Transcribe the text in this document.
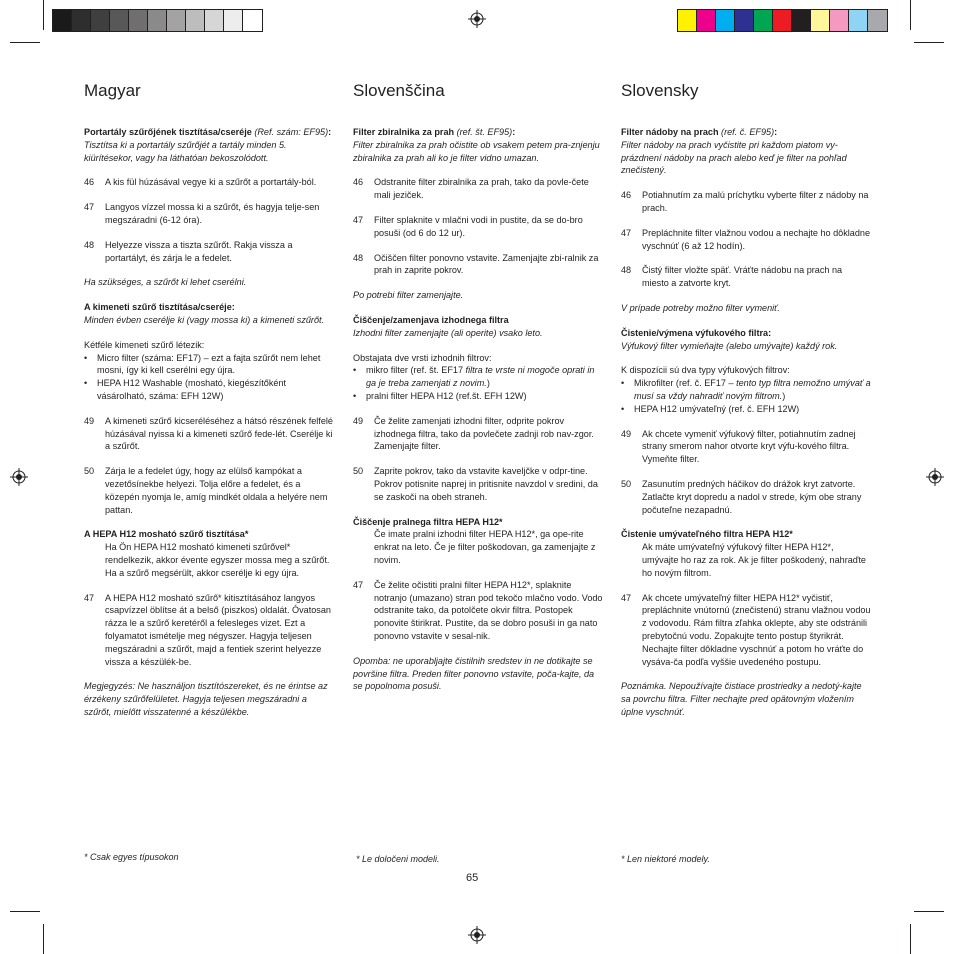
Magyar
Portartály szűrőjének tisztítása/cseréje (Ref. szám: EF95):
Tisztítsa ki a portartály szűrőjét a tartály minden 5. kiürítésekor, vagy ha láthatóan bekoszolódott.
46	A kis fül húzásával vegye ki a szűrőt a portartály-ból.
47	Langyos vízzel mossa ki a szűrőt, és hagyja telje-sen megszáradni (6-12 óra).
48	Helyezze vissza a tiszta szűrőt. Rakja vissza a portartályt, és zárja le a fedelet.
Ha szükséges, a szűrőt ki lehet cserélni.
A kimeneti szűrő tisztítása/cseréje:
Minden évben cserélje ki (vagy mossa ki) a kimeneti szűrőt.
Kétféle kimeneti szűrő létezik:
•	Micro filter (száma: EF17) – ezt a fajta szűrőt nem lehet mosni, így ki kell cserélni egy újra.
•	HEPA H12 Washable (mosható, kiegészítőként vásárolható, száma: EFH 12W)
49	A kimeneti szűrő kicseréléséhez a hátsó részének felfelé húzásával nyissa ki a kimeneti szűrő fede-lét. Cserélje ki a szűrőt.
50	Zárja le a fedelet úgy, hogy az elülső kampókat a vezetősínekbe helyezi. Tolja előre a fedelet, és a közepén nyomja le, amíg mindkét oldala a helyére nem pattan.
A HEPA H12 mosható szűrő tisztítása*
Ha Ön HEPA H12 mosható kimeneti szűrővel* rendelkezik, akkor évente egyszer mossa meg a szűrőt. Ha a szűrő megsérült, akkor cserélje ki egy újra.
47	A HEPA H12 mosható szűrő* kitisztításához langyos csapvízzel öblítse át a belső (piszkos) oldalát. Óvatosan rázza le a szűrő keretéről a felesleges vizet. Ezt a folyamatot ismételje meg négyszer. Hagyja teljesen megszáradni a szűrőt, majd a fentiek szerint helyezze vissza a készülék-be.
Megjegyzés: Ne használjon tisztítószereket, és ne érintse az érzékeny szűrőfelületet. Hagyja teljesen megszáradni a szűrőt, mielőtt visszatenné a készülékbe.
* Csak egyes típusokon
Slovenščina
Filter zbiralnika za prah (ref. št. EF95):
Filter zbiralnika za prah očistite ob vsakem petem pra-znjenju zbiralnika za prah ali ko je filter vidno umazan.
46	Odstranite filter zbiralnika za prah, tako da povle-čete mali jeziček.
47	Filter splaknite v mlačni vodi in pustite, da se do-bro posuši (od 6 do 12 ur).
48	Očiščen filter ponovno vstavite. Zamenjajte zbi-ralnik za prah in zaprite pokrov.
Po potrebi filter zamenjajte.
Čiščenje/zamenjava izhodnega filtra
Izhodni filter zamenjajte (ali operite) vsako leto.
Obstajata dve vrsti izhodnih filtrov:
•	mikro filter (ref. št. EF17 filtra te vrste ni mogoče oprati in ga je treba zamenjati z novim.)
•	pralni filter HEPA H12 (ref.št. EFH 12W)
49	Če želite zamenjati izhodni filter, odprite pokrov izhodnega filtra, tako da povlečete zadnji rob nav-zgor. Zamenjajte filter.
50	Zaprite pokrov, tako da vstavite kaveljčke v odpr-tine. Pokrov potisnite naprej in pritisnite navzdol v sredini, da se zaskoči na obeh straneh.
Čiščenje pralnega filtra HEPA H12*
Če imate pralni izhodni filter HEPA H12*, ga ope-rite enkrat na leto. Če je filter poškodovan, ga zamenjajte z novim.
47	Če želite očistiti pralni filter HEPA H12*, splaknite notranjo (umazano) stran pod tekočo mlačno vodo. Vodo odstranite tako, da potolčete okvir filtra. Postopek ponovite štirikrat. Pustite, da se dobro posuši in ga nato ponovno vstavite v sesal-nik.
Opomba: ne uporabljajte čistilnih sredstev in ne dotikajte se površine filtra. Preden filter ponovno vstavite, poča-kajte, da se popolnoma posuši.
* Le določeni modeli.
Slovensky
Filter nádoby na prach (ref. č. EF95):
Filter nádoby na prach vyčistite pri každom piatom vy-prázdnení nádoby na prach alebo keď je filter na pohľad znečistený.
46	Potiahnutím za malú príchytku vyberte filter z nádoby na prach.
47	Prepláchnite filter vlažnou vodou a nechajte ho dôkladne vyschnúť (6 až 12 hodín).
48	Čistý filter vložte späť. Vráťte nádobu na prach na miesto a zatvorte kryt.
V prípade potreby možno filter vymeniť.
Čistenie/výmena výfukového filtra:
Výfukový filter vymieňajte (alebo umývajte) každý rok.
K dispozícii sú dva typy výfukových filtrov:
•	Mikrofilter (ref. č. EF17 – tento typ filtra nemožno umývať a musí sa vždy nahradiť novým filtrom.)
•	HEPA H12 umývateľný (ref. č. EFH 12W)
49	Ak chcete vymeniť výfukový filter, potiahnutím zadnej strany smerom nahor otvorte kryt výfu-kového filtra. Vymeňte filter.
50	Zasunutím predných háčikov do drážok kryt zatvorte. Zatlačte kryt dopredu a nadol v strede, kým obe strany počuteľne nezapadnú.
Čistenie umývateľného filtra HEPA H12*
Ak máte umývateľný výfukový filter HEPA H12*, umývajte ho raz za rok. Ak je filter poškodený, nahraďte ho novým filtrom.
47	Ak chcete umývateľný filter HEPA H12* vyčistiť, prepláchnite vnútornú (znečistenú) stranu vlažnou vodou z vodovodu. Rám filtra zľahka oklepte, aby ste odstránili prebytočnú vodu. Zopakujte tento postup štyrikrát. Nechajte filter dôkladne vyschnúť a potom ho vráťte do vysáva-ča podľa vyššie uvedeného postupu.
Poznámka. Nepoužívajte čistiace prostriedky a nedotý-kajte sa povrchu filtra. Filter nechajte pred opätovným vložením úplne vyschnúť.
* Len niektoré modely.
65
